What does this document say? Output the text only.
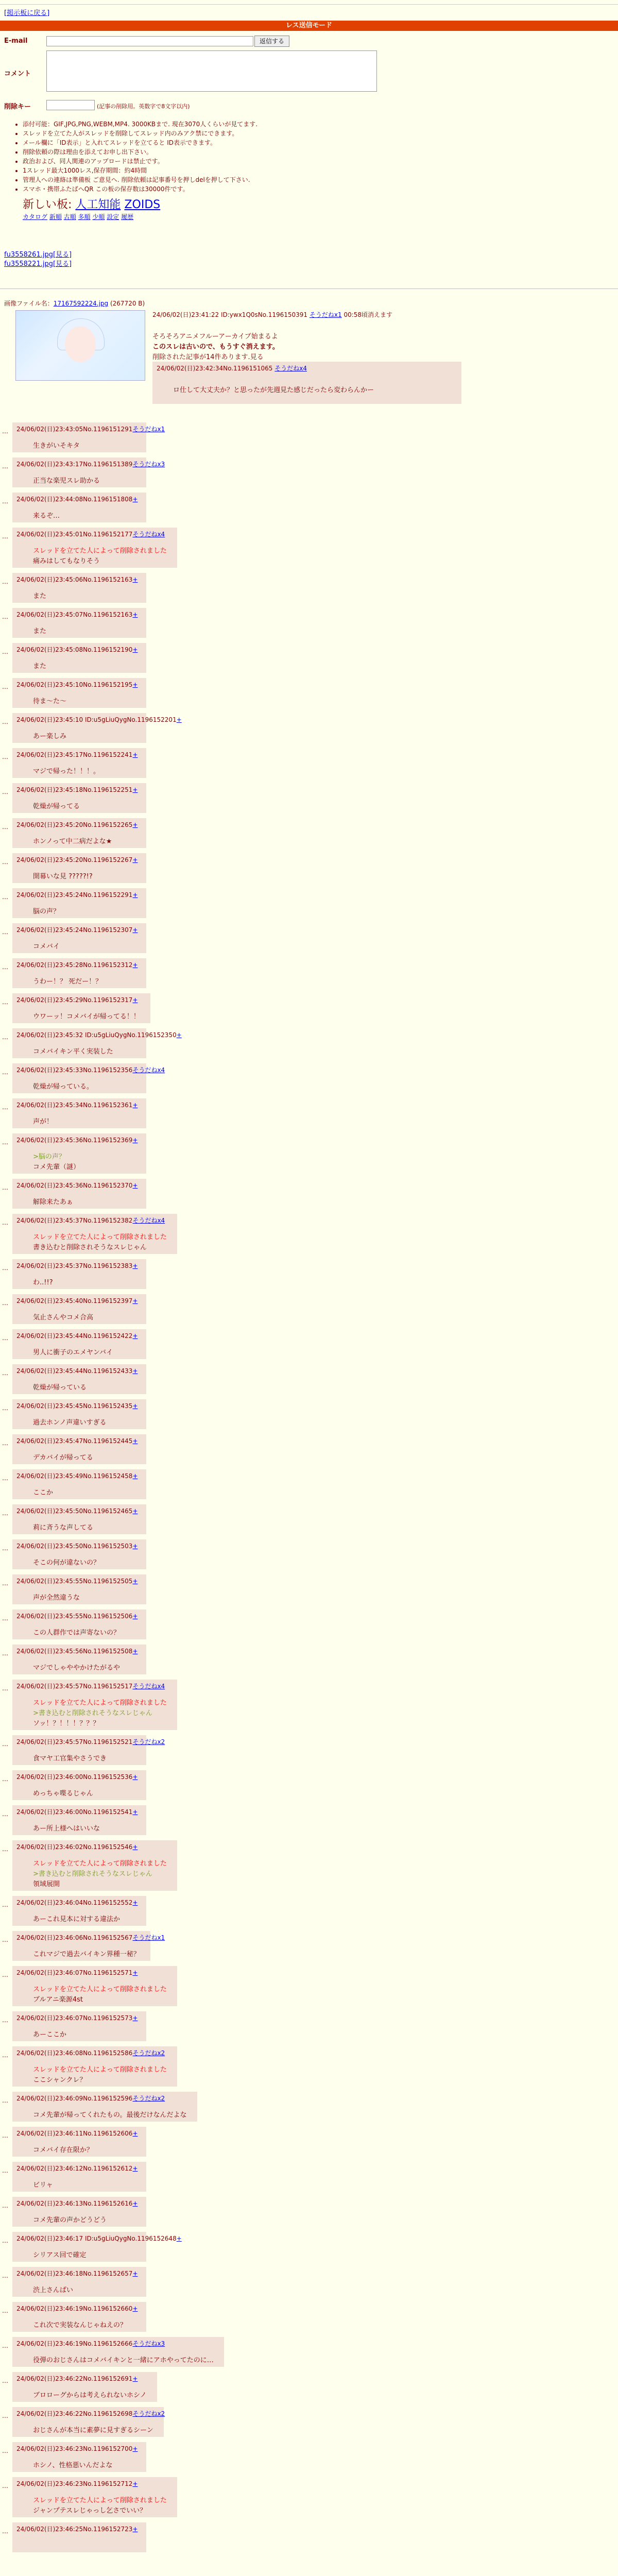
[掲示板に戻る]
レス送信モード
E-mail	返信する
コメント
削除キー	(記事の削除用。英数字で8文字以内)
• 添付可能：GIF,JPG,PNG,WEBM,MP4. 3000KBまで. 現在3070人くらいが見てます.
• スレッドを立てた人がスレッドを削除してスレッド内のみアク禁にできます。
• メール欄に「ID表示」と入れてスレッドを立てると ID表示できます。
• 削除依頼の際は理由を添えてお申し出下さい。
• 政治および、同人関連のアップロードは禁止です。
• 1スレッド最大1000レス,保存期間：約4時間
• 管理人への連絡は準備板 ご意見へ. 削除依頼は記事番号を押しdelを押して下さい.
• スマホ・携帯ふたばへQR この板の保存数は30000件です。
新しい板: 人工知能 ZOIDS
カタログ 新順 古順 多順 少順 設定 履歴
fu3558261.jpg[見る]
fu3558221.jpg[見る]
画像ファイル名：17167592224.jpg (267720 B)
24/06/02(日)23:41:22 ID:ywx1Q0sNo.1196150391 そうだねx1 00:58頃消えます
そろそろアニメフルーアーカイブ始まるよ
このスレは古いので、もうすぐ消えます。
削除された記事が14件あります.見る
24/06/02(日)23:42:34No.1196151065 そうだねx4
ロ仕して大丈夫か？と思ったが先週見た感じだったら変わらんかー
… 24/06/02(日)23:43:05No.1196151291そうだねx1
生きがいそキタ
… 24/06/02(日)23:43:17No.1196151389そうだねx3
正当な楽児スレ助かる
… 24/06/02(日)23:44:08No.1196151808+
来るぞ…
… 24/06/02(日)23:45:01No.1196152177そうだねx4
スレッドを立てた人によって削除されました
痛みはしてもなりそう
… 24/06/02(日)23:45:06No.1196152163+
また
… 24/06/02(日)23:45:07No.1196152163+
また
… 24/06/02(日)23:45:08No.1196152190+
また
… 24/06/02(日)23:45:10No.1196152195+
待ま～た～
… 24/06/02(日)23:45:10 ID:u5gLiuQygNo.1196152201+
あー楽しみ
… 24/06/02(日)23:45:17No.1196152241+
マジで帰った！！！。
… 24/06/02(日)23:45:18No.1196152251+
乾燥が帰ってる
… 24/06/02(日)23:45:20No.1196152265+
ホンノって中二病だよな★
… 24/06/02(日)23:45:20No.1196152267+
開幕いな見 ?????!?
… 24/06/02(日)23:45:24No.1196152291+
脳の声？
… 24/06/02(日)23:45:24No.1196152307+
コメバイ
… 24/06/02(日)23:45:28No.1196152312+
うわー！？ 死だー！？
… 24/06/02(日)23:45:29No.1196152317+
ウワーッ！コメバイが帰ってる！！
… 24/06/02(日)23:45:32 ID:u5gLiuQygNo.1196152350+
コメバイキン平く実装した
… 24/06/02(日)23:45:33No.1196152356そうだねx4
乾燥が帰っている。
… 24/06/02(日)23:45:34No.1196152361+
声が！
… 24/06/02(日)23:45:36No.1196152369+
>脳の声？
コメ先輩（謎）
… 24/06/02(日)23:45:36No.1196152370+
解除来たあぁ
… 24/06/02(日)23:45:37No.1196152382そうだねx4
スレッドを立てた人によって削除されました
書き込むと削除されそうなスレじゃん
… 24/06/02(日)23:45:37No.1196152383+
わ..!!?
… 24/06/02(日)23:45:40No.1196152397+
気止さんやコメ合高
… 24/06/02(日)23:45:44No.1196152422+
男人に衝子のエメヤンバイ
… 24/06/02(日)23:45:44No.1196152433+
乾燥が帰っている
… 24/06/02(日)23:45:45No.1196152435+
過去ホンノ声違いすぎる
… 24/06/02(日)23:45:47No.1196152445+
デカバイが帰ってる
… 24/06/02(日)23:45:49No.1196152458+
ここか
… 24/06/02(日)23:45:50No.1196152465+
莉に斉うな声してる
… 24/06/02(日)23:45:50No.1196152503+
そこの何が違ないの？
… 24/06/02(日)23:45:55No.1196152505+
声が全然違うな
… 24/06/02(日)23:45:55No.1196152506+
この人群作では声寄ないの？
… 24/06/02(日)23:45:56No.1196152508+
マジでしゃややかけたがるや
… 24/06/02(日)23:45:57No.1196152517そうだねx4
スレッドを立てた人によって削除されました
>書き込むと削除されそうなスレじゃん
ソッ！？！！！？？？
… 24/06/02(日)23:45:57No.1196152521そうだねx2
食マヤ工官集やさうでき
… 24/06/02(日)23:46:00No.1196152536+
めっちゃ喋るじゃん
… 24/06/02(日)23:46:00No.1196152541+
あー所上様へはいいな
… 24/06/02(日)23:46:02No.1196152546+
スレッドを立てた人によって削除されました
>書き込むと削除されそうなスレじゃん
領域展開
… 24/06/02(日)23:46:04No.1196152552+
あーこれ見本に対する違法か
… 24/06/02(日)23:46:06No.1196152567そうだねx1
これマジで過去バイキン界種一秘？
… 24/06/02(日)23:46:07No.1196152571+
スレッドを立てた人によって削除されました
ブルアニ楽源4st
… 24/06/02(日)23:46:07No.1196152573+
あーここか
… 24/06/02(日)23:46:08No.1196152586そうだねx2
スレッドを立てた人によって削除されました
ここシャンクレ？
… 24/06/02(日)23:46:09No.1196152596そうだねx2
コメ先輩が帰ってくれたもの。最後だけなんだよな
… 24/06/02(日)23:46:11No.1196152606+
コメバイ存在限か？
… 24/06/02(日)23:46:12No.1196152612+
ビリャ
… 24/06/02(日)23:46:13No.1196152616+
コメ先輩の声かどうどう
… 24/06/02(日)23:46:17 ID:u5gLiuQygNo.1196152648+
シリアス回で確定
… 24/06/02(日)23:46:18No.1196152657+
渋上さんぱい
… 24/06/02(日)23:46:19No.1196152660+
これ次で実装なんじゃねえの？
… 24/06/02(日)23:46:19No.1196152666そうだねx3
役弾のおじさんはコメバイキンと一緒にアホやってたのに…
… 24/06/02(日)23:46:22No.1196152691+
ブロローグからは考えられないホシノ
… 24/06/02(日)23:46:22No.1196152698そうだねx2
おじさんが本当に素夢に見すぎるシーン
… 24/06/02(日)23:46:23No.1196152700+
ホシノ、性格悪いんだよな
… 24/06/02(日)23:46:23No.1196152712+
スレッドを立てた人によって削除されました
ジャンプテスレじゃっし乞さでいい？
… 24/06/02(日)23:46:25No.1196152723+
